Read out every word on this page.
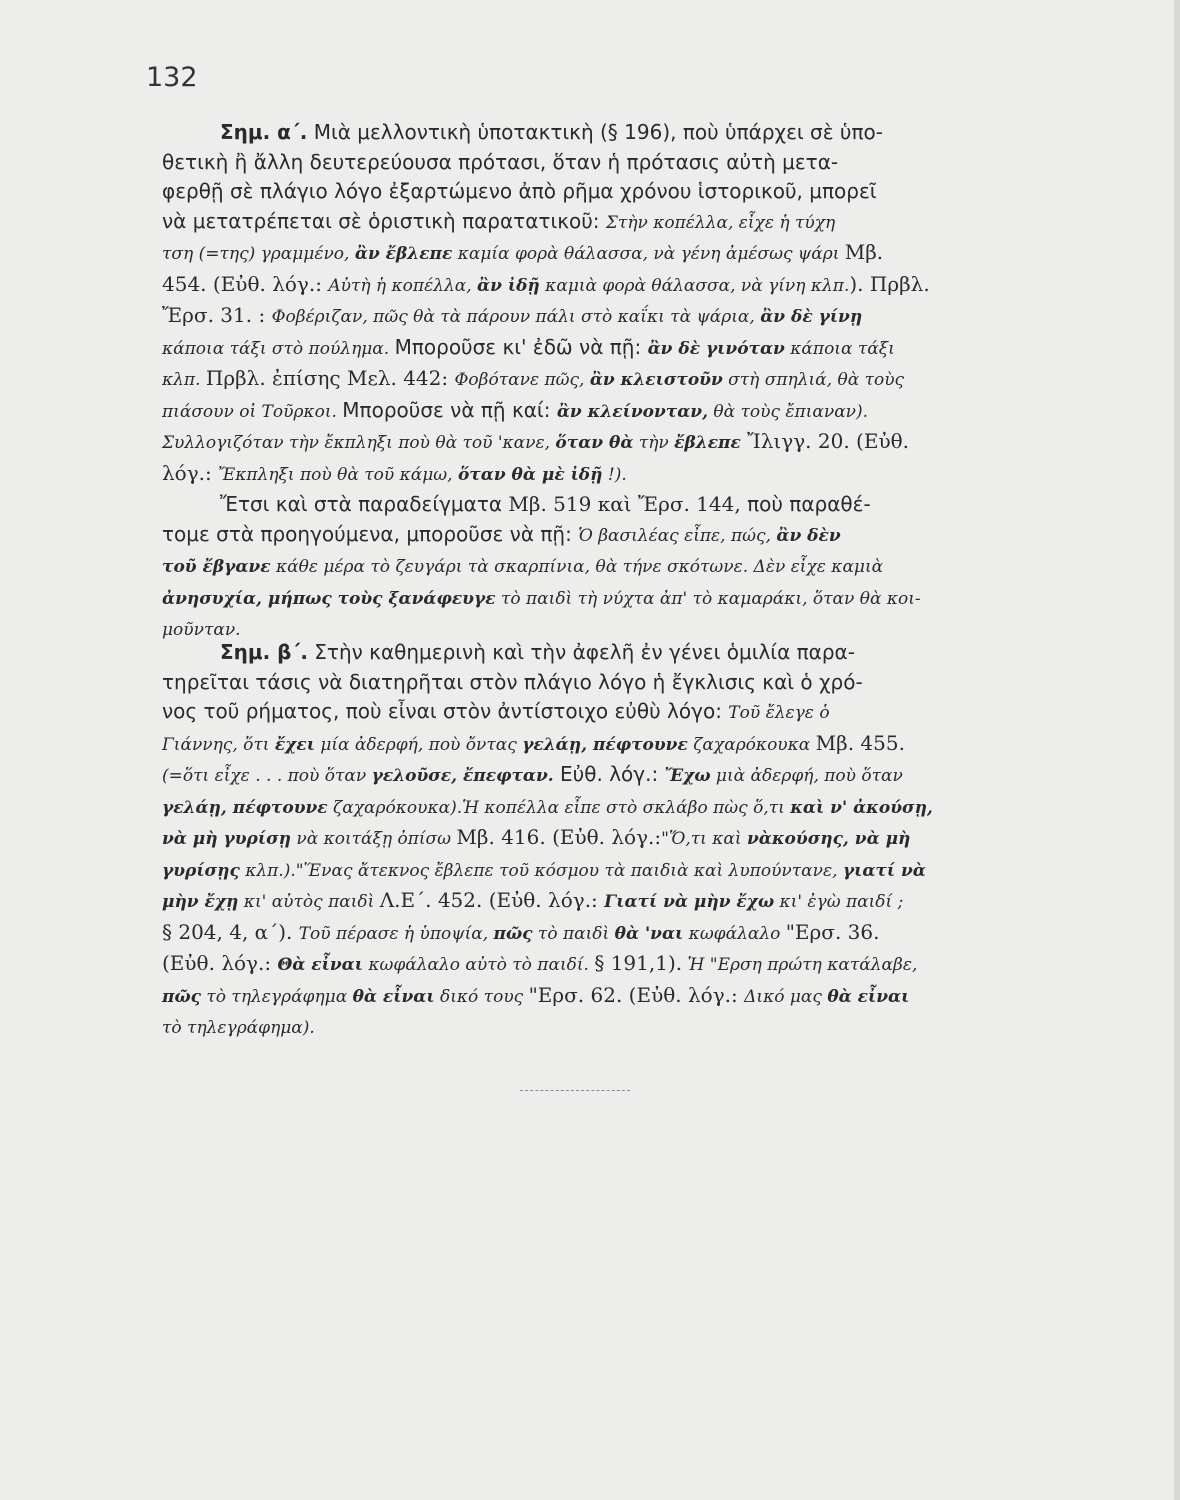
132
Σημ. α΄. Μιὰ μελλοντικὴ ὑποτακτικὴ (§ 196), ποὺ ὑπάρχει σὲ ὑπο-
θετικὴ ἢ ἄλλη δευτερεύουσα πρότασι, ὅταν ἡ πρότασις αὐτὴ μετα-
φερθῇ σὲ πλάγιο λόγο ἐξαρτώμενο ἀπὸ ρῆμα χρόνου ἱστορικοῦ, μπορεῖ
νὰ μετατρέπεται σὲ ὁριστικὴ παρατατικοῦ: Στὴν κοπέλλα, εἶχε ἡ τύχη
τση (=της) γραμμένο, ἂν ἔβλεπε καμία φορὰ θάλασσα, νὰ γένη ἀμέσως ψάρι Μβ.
454. (Εὐθ. λόγ.: Αὐτὴ ἡ κοπέλλα, ἂν ἰδῇ καμιὰ φορὰ θάλασσα, νὰ γίνη κλπ.). Πρβλ.
Ἔρσ. 31. : Φοβέριζαν, πῶς θὰ τὰ πάρουν πάλι στὸ καΐκι τὰ ψάρια, ἂν δὲ γίνῃ
κάποια τάξι στὸ πούλημα. Μποροῦσε κι' ἐδῶ νὰ πῇ: ἂν δὲ γινόταν κάποια τάξι
κλπ. Πρβλ. ἐπίσης Μελ. 442: Φοβότανε πῶς, ἂν κλειστοῦν στὴ σπηλιά, θὰ τοὺς
πιάσουν οἱ Τοῦρκοι. Μποροῦσε νὰ πῇ καί: ἂν κλείνονταν, θὰ τοὺς ἔπιαναν).
Συλλογιζόταν τὴν ἔκπληξι ποὺ θὰ τοῦ 'κανε, ὅταν θὰ τὴν ἔβλεπε Ἴλιγγ. 20. (Εὐθ.
λόγ.: Ἔκπληξι ποὺ θὰ τοῦ κάμω, ὅταν θὰ μὲ ἰδῇ !).
Ἔτσι καὶ στὰ παραδείγματα Μβ. 519 καὶ Ἔρσ. 144, ποὺ παραθέ-
τομε στὰ προηγούμενα, μποροῦσε νὰ πῇ: Ὁ βασιλέας εἶπε, πώς, ἂν δὲν
τοῦ ἔβγανε κάθε μέρα τὸ ζευγάρι τὰ σκαρπίνια, θὰ τήνε σκότωνε. Δὲν εἶχε καμιὰ
ἀνησυχία, μήπως τοὺς ξανάφευγε τὸ παιδὶ τὴ νύχτα ἀπ' τὸ καμαράκι, ὅταν θὰ κοι-
μοῦνταν.
Σημ. β΄. Στὴν καθημερινὴ καὶ τὴν ἀφελῆ ἐν γένει ὁμιλία παρα-
τηρεῖται τάσις νὰ διατηρῆται στὸν πλάγιο λόγο ἡ ἔγκλισις καὶ ὁ χρό-
νος τοῦ ρήματος, ποὺ εἶναι στὸν ἀντίστοιχο εὐθὺ λόγο: Τοῦ ἔλεγε ὁ
Γιάννης, ὅτι ἔχει μία ἀδερφή, ποὺ ὄντας γελάῃ, πέφτουνε ζαχαρόκουκα Μβ. 455.
(=ὅτι εἶχε . . . ποὺ ὅταν γελοῦσε, ἔπεφταν. Εὐθ. λόγ.: Ἔχω μιὰ ἀδερφή, ποὺ ὅταν
γελάῃ, πέφτουνε ζαχαρόκουκα).Ἡ κοπέλλα εἶπε στὸ σκλάβο πὼς ὅ,τι καὶ ν' ἀκούσῃ,
νὰ μὴ γυρίσῃ νὰ κοιτάξῃ ὀπίσω Μβ. 416. (Εὐθ. λόγ.:"Ὅ,τι καὶ νὰκούσης, νὰ μὴ
γυρίσῃς κλπ.)."Ἕνας ἄτεκνος ἔβλεπε τοῦ κόσμου τὰ παιδιὰ καὶ λυπούντανε, γιατί νὰ
μὴν ἔχῃ κι' αὐτὸς παιδὶ Λ.Ε΄. 452. (Εὐθ. λόγ.: Γιατί νὰ μὴν ἔχω κι' ἐγὼ παιδί ;
§ 204, 4, α΄). Τοῦ πέρασε ἡ ὑποψία, πῶς τὸ παιδὶ θὰ 'ναι κωφάλαλο "Ερσ. 36.
(Εὐθ. λόγ.: Θὰ εἶναι κωφάλαλο αὐτὸ τὸ παιδί. § 191,1). Ἡ "Ερση πρώτη κατάλαβε,
πῶς τὸ τηλεγράφημα θὰ εἶναι δικό τους "Ερσ. 62. (Εὐθ. λόγ.: Δικό μας θὰ εἶναι
τὸ τηλεγράφημα).
